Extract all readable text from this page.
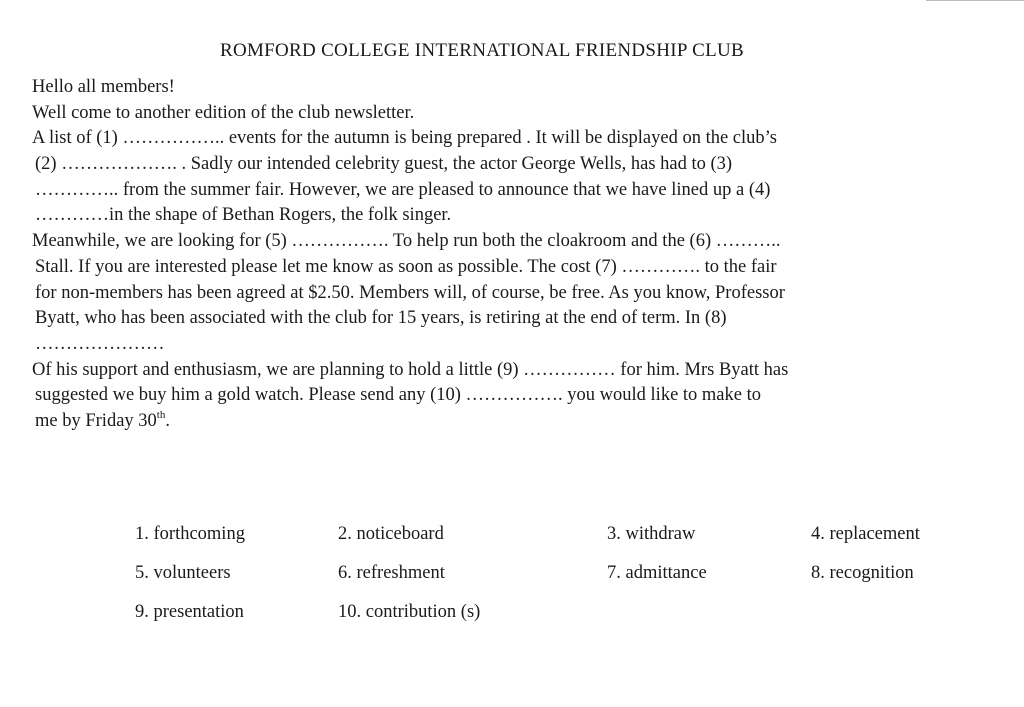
ROMFORD COLLEGE INTERNATIONAL FRIENDSHIP CLUB
Hello all members!
Well come to another edition of the club newsletter.
A list of (1) …………….. events for the autumn is being prepared . It will be displayed on the club’s
(2) ………………. . Sadly our intended celebrity guest, the actor George Wells, has had to (3)
………….. from the summer fair. However, we are pleased to announce that we have lined up a (4)
…………in the shape of Bethan Rogers, the folk singer.
Meanwhile, we are looking for (5) ……………. To help run both the cloakroom and the (6) ………..
Stall. If you are interested please let me know as soon as possible. The cost (7) …………. to the fair
for non-members has been agreed at $2.50. Members will, of course, be free. As you know, Professor
Byatt, who has been associated with the club for 15 years, is retiring at the end of term. In (8)
…………………
Of his support and enthusiasm, we are planning to hold a little (9) …………… for him. Mrs Byatt has
suggested we buy him a gold watch. Please send any (10) ……………. you would like to make to
me by Friday 30th.
1. forthcoming	2. noticeboard	3. withdraw	4. replacement
5. volunteers	6. refreshment	7. admittance	8. recognition
9. presentation	10. contribution (s)
